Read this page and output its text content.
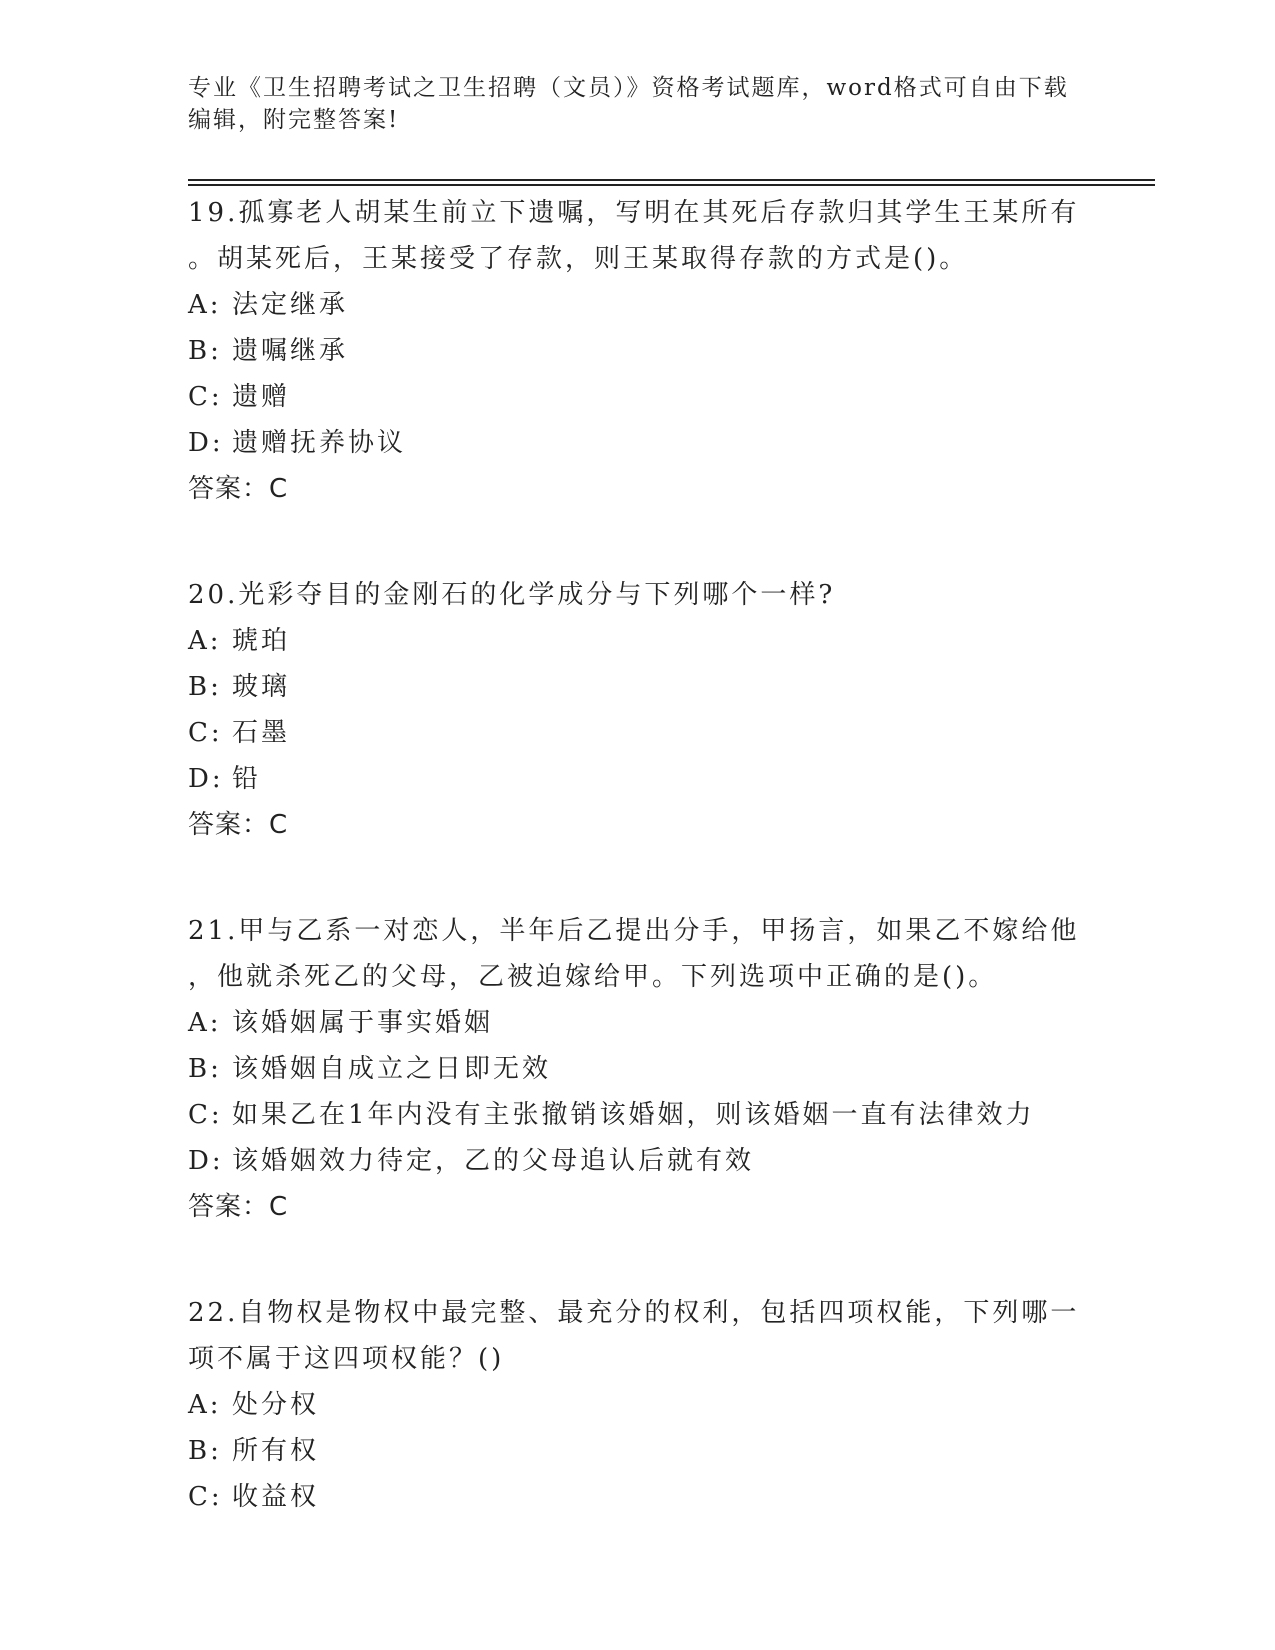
专业《卫生招聘考试之卫生招聘（文员）》资格考试题库，word格式可自由下载
编辑，附完整答案!
19.孤寡老人胡某生前立下遗嘱，写明在其死后存款归其学生王某所有
。胡某死后，王某接受了存款，则王某取得存款的方式是()。
A: 法定继承
B: 遗嘱继承
C: 遗赠
D: 遗赠抚养协议
答案：C
20.光彩夺目的金刚石的化学成分与下列哪个一样?
A: 琥珀
B: 玻璃
C: 石墨
D: 铅
答案：C
21.甲与乙系一对恋人，半年后乙提出分手，甲扬言，如果乙不嫁给他
，他就杀死乙的父母，乙被迫嫁给甲。下列选项中正确的是()。
A: 该婚姻属于事实婚姻
B: 该婚姻自成立之日即无效
C: 如果乙在1年内没有主张撤销该婚姻，则该婚姻一直有法律效力
D: 该婚姻效力待定，乙的父母追认后就有效
答案：C
22.自物权是物权中最完整、最充分的权利，包括四项权能，下列哪一
项不属于这四项权能？()
A: 处分权
B: 所有权
C: 收益权
